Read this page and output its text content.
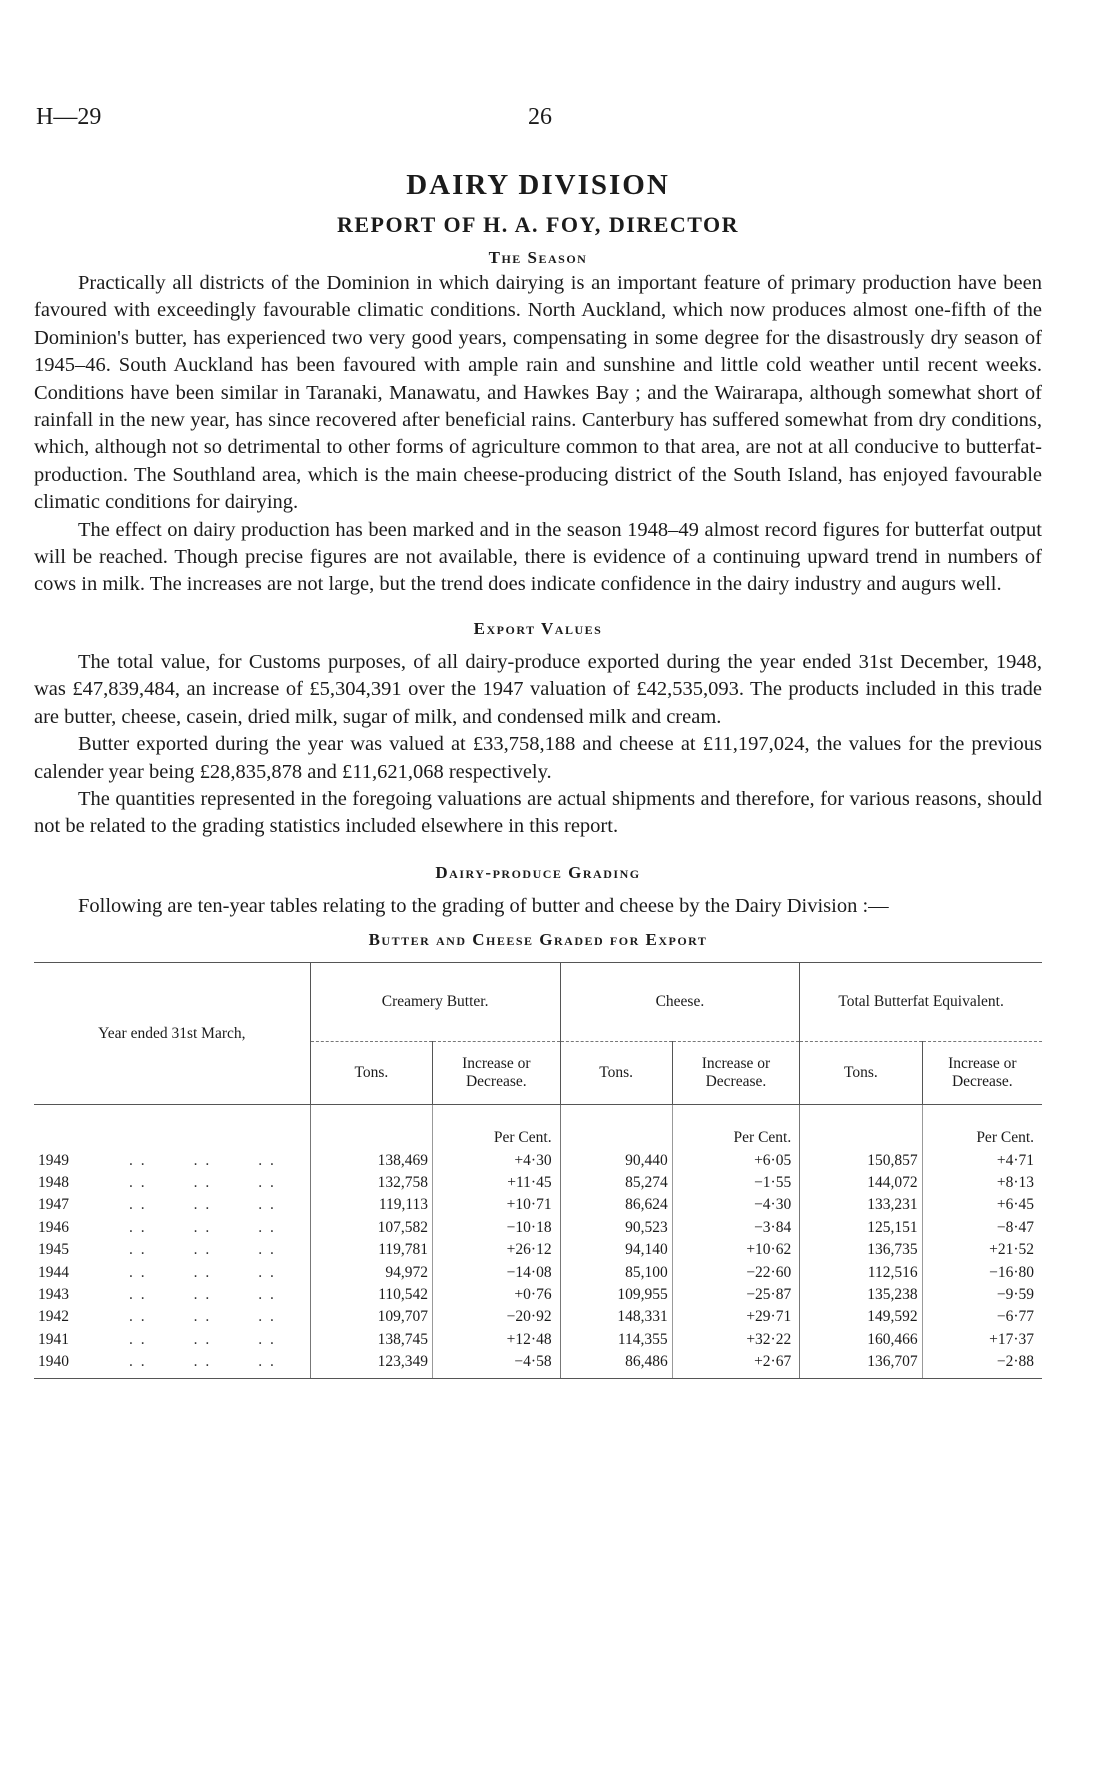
H—29	26
DAIRY DIVISION
REPORT OF H. A. FOY, DIRECTOR
The Season

Practically all districts of the Dominion in which dairying is an important feature of primary production have been favoured with exceedingly favourable climatic conditions. North Auckland, which now produces almost one-fifth of the Dominion's butter, has experienced two very good years, compensating in some degree for the disastrously dry season of 1945–46. South Auckland has been favoured with ample rain and sunshine and little cold weather until recent weeks. Conditions have been similar in Taranaki, Manawatu, and Hawkes Bay ; and the Wairarapa, although somewhat short of rainfall in the new year, has since recovered after beneficial rains. Canterbury has suffered somewhat from dry conditions, which, although not so detrimental to other forms of agriculture common to that area, are not at all conducive to butterfat-production. The Southland area, which is the main cheese-producing district of the South Island, has enjoyed favourable climatic conditions for dairying.

The effect on dairy production has been marked and in the season 1948–49 almost record figures for butterfat output will be reached. Though precise figures are not available, there is evidence of a continuing upward trend in numbers of cows in milk. The increases are not large, but the trend does indicate confidence in the dairy industry and augurs well.

Export Values

The total value, for Customs purposes, of all dairy-produce exported during the year ended 31st December, 1948, was £47,839,484, an increase of £5,304,391 over the 1947 valuation of £42,535,093. The products included in this trade are butter, cheese, casein, dried milk, sugar of milk, and condensed milk and cream.

Butter exported during the year was valued at £33,758,188 and cheese at £11,197,024, the values for the previous calender year being £28,835,878 and £11,621,068 respectively.

The quantities represented in the foregoing valuations are actual shipments and therefore, for various reasons, should not be related to the grading statistics included elsewhere in this report.

Dairy-produce Grading

Following are ten-year tables relating to the grading of butter and cheese by the Dairy Division :—

Butter and Cheese Graded for Export
Year ended 31st March,	Creamery Butter.		Cheese.		Total Butterfat Equivalent.	
	Tons.	Increase or Decrease.	Tons.	Increase or Decrease.	Tons.	Increase or Decrease.
		Per Cent.		Per Cent.		Per Cent.
1949 . .        . .        . .	138,469	+4·30	90,440	+6·05	150,857	+4·71
1948 . .        . .        . .	132,758	+11·45	85,274	−1·55	144,072	+8·13
1947 . .        . .        . .	119,113	+10·71	86,624	−4·30	133,231	+6·45
1946 . .        . .        . .	107,582	−10·18	90,523	−3·84	125,151	−8·47
1945 . .        . .        . .	119,781	+26·12	94,140	+10·62	136,735	+21·52
1944 . .        . .        . .	94,972	−14·08	85,100	−22·60	112,516	−16·80
1943 . .        . .        . .	110,542	+0·76	109,955	−25·87	135,238	−9·59
1942 . .        . .        . .	109,707	−20·92	148,331	+29·71	149,592	−6·77
1941 . .        . .        . .	138,745	+12·48	114,355	+32·22	160,466	+17·37
1940 . .        . .        . .	123,349	−4·58	86,486	+2·67	136,707	−2·88
